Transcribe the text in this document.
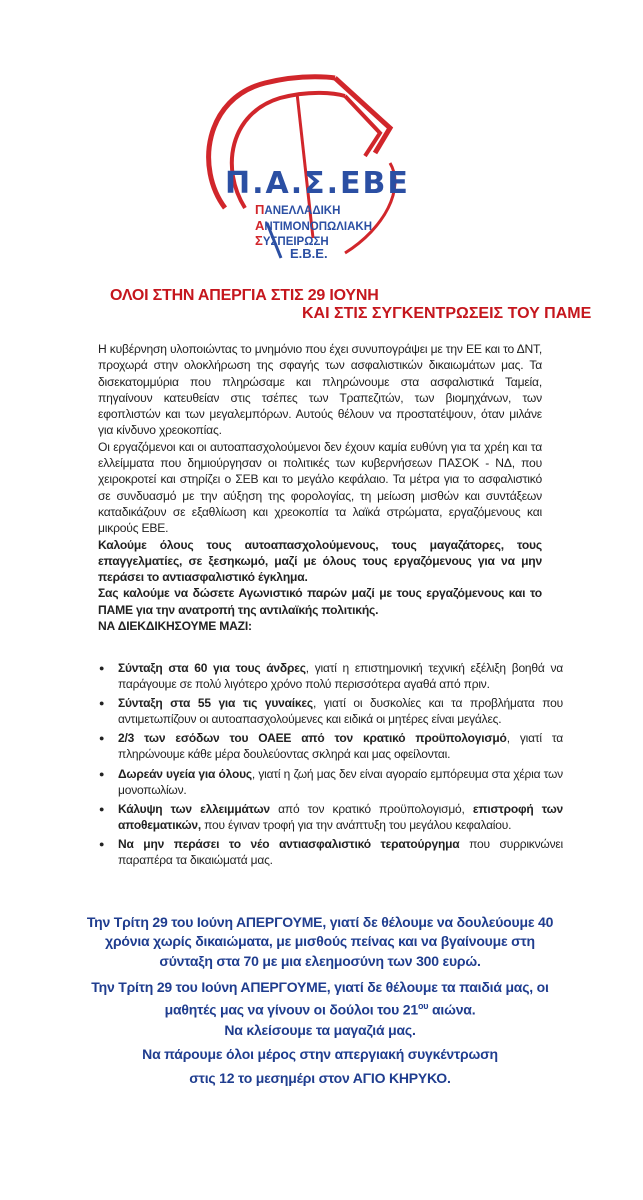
Π.Α.Σ.ΕΒΕ
ΠΑΝΕΛΛΑΔΙΚΗ
ΑΝΤΙΜΟΝΟΠΩΛΙΑΚΗ
ΣΥΣΠΕΙΡΩΣΗ
Ε.Β.Ε.
ΟΛΟΙ ΣΤΗΝ ΑΠΕΡΓΙΑ ΣΤΙΣ 29 ΙΟΥΝΗ
ΚΑΙ ΣΤΙΣ ΣΥΓΚΕΝΤΡΩΣΕΙΣ ΤΟΥ ΠΑΜΕ

Η κυβέρνηση υλοποιώντας το μνημόνιο που έχει συνυπογράψει με την ΕΕ και το ΔΝΤ, προχωρά στην ολοκλήρωση της σφαγής των ασφαλιστικών δικαιωμάτων μας. Τα δισεκατομμύρια που πληρώσαμε και πληρώνουμε στα ασφαλιστικά Ταμεία, πηγαίνουν κατευθείαν στις τσέπες των Τραπεζιτών, των βιομηχάνων, των εφοπλιστών και των μεγαλεμπόρων. Αυτούς θέλουν να προστατέψουν, όταν μιλάνε για κίνδυνο χρεοκοπίας.

Οι εργαζόμενοι και οι αυτοαπασχολούμενοι δεν έχουν καμία ευθύνη για τα χρέη και τα ελλείμματα που δημιούργησαν οι πολιτικές των κυβερνήσεων ΠΑΣΟΚ - ΝΔ, που χειροκροτεί και στηρίζει ο ΣΕΒ και το μεγάλο κεφάλαιο. Τα μέτρα για το ασφαλιστικό σε συνδυασμό με την αύξηση της φορολογίας, τη μείωση μισθών και συντάξεων καταδικάζουν σε εξαθλίωση και χρεοκοπία τα λαϊκά στρώματα, εργαζόμενους και μικρούς ΕΒΕ.

Καλούμε όλους τους αυτοαπασχολούμενους, τους μαγαζάτορες, τους επαγγελματίες, σε ξεσηκωμό, μαζί με όλους τους εργαζόμενους για να μην περάσει το αντιασφαλιστικό έγκλημα.

Σας καλούμε να δώσετε Αγωνιστικό παρών μαζί με τους εργαζόμενους και το ΠΑΜΕ για την ανατροπή της αντιλαϊκής πολιτικής.

ΝΑ ΔΙΕΚΔΙΚΗΣΟΥΜΕ ΜΑΖΙ:

● Σύνταξη στα 60 για τους άνδρες, γιατί η επιστημονική τεχνική εξέλιξη βοηθά να παράγουμε σε πολύ λιγότερο χρόνο πολύ περισσότερα αγαθά από πριν.
● Σύνταξη στα 55 για τις γυναίκες, γιατί οι δυσκολίες και τα προβλήματα που αντιμετωπίζουν οι αυτοαπασχολούμενες και ειδικά οι μητέρες είναι μεγάλες.
● 2/3 των εσόδων του ΟΑΕΕ από τον κρατικό προϋπολογισμό, γιατί τα πληρώνουμε κάθε μέρα δουλεύοντας σκληρά και μας οφείλονται.
● Δωρεάν υγεία για όλους, γιατί η ζωή μας δεν είναι αγοραίο εμπόρευμα στα χέρια των μονοπωλίων.
● Κάλυψη των ελλειμμάτων από τον κρατικό προϋπολογισμό, επιστροφή των αποθεματικών, που έγιναν τροφή για την ανάπτυξη του μεγάλου κεφαλαίου.
● Να μην περάσει το νέο αντιασφαλιστικό τερατούργημα που συρρικνώνει παραπέρα τα δικαιώματά μας.
Την Τρίτη 29 του Ιούνη ΑΠΕΡΓΟΥΜΕ, γιατί δε θέλουμε να δουλεύουμε 40 χρόνια χωρίς δικαιώματα, με μισθούς πείνας και να βγαίνουμε στη σύνταξη στα 70 με μια ελεημοσύνη των 300 ευρώ.
Την Τρίτη 29 του Ιούνη ΑΠΕΡΓΟΥΜΕ, γιατί δε θέλουμε τα παιδιά μας, οι μαθητές μας να γίνουν οι δούλοι του $21^{o\upsilon}$ αιώνα.
Να κλείσουμε τα μαγαζιά μας.
Να πάρουμε όλοι μέρος στην απεργιακή συγκέντρωση
στις 12 το μεσημέρι στον ΑΓΙΟ ΚΗΡΥΚΟ.
